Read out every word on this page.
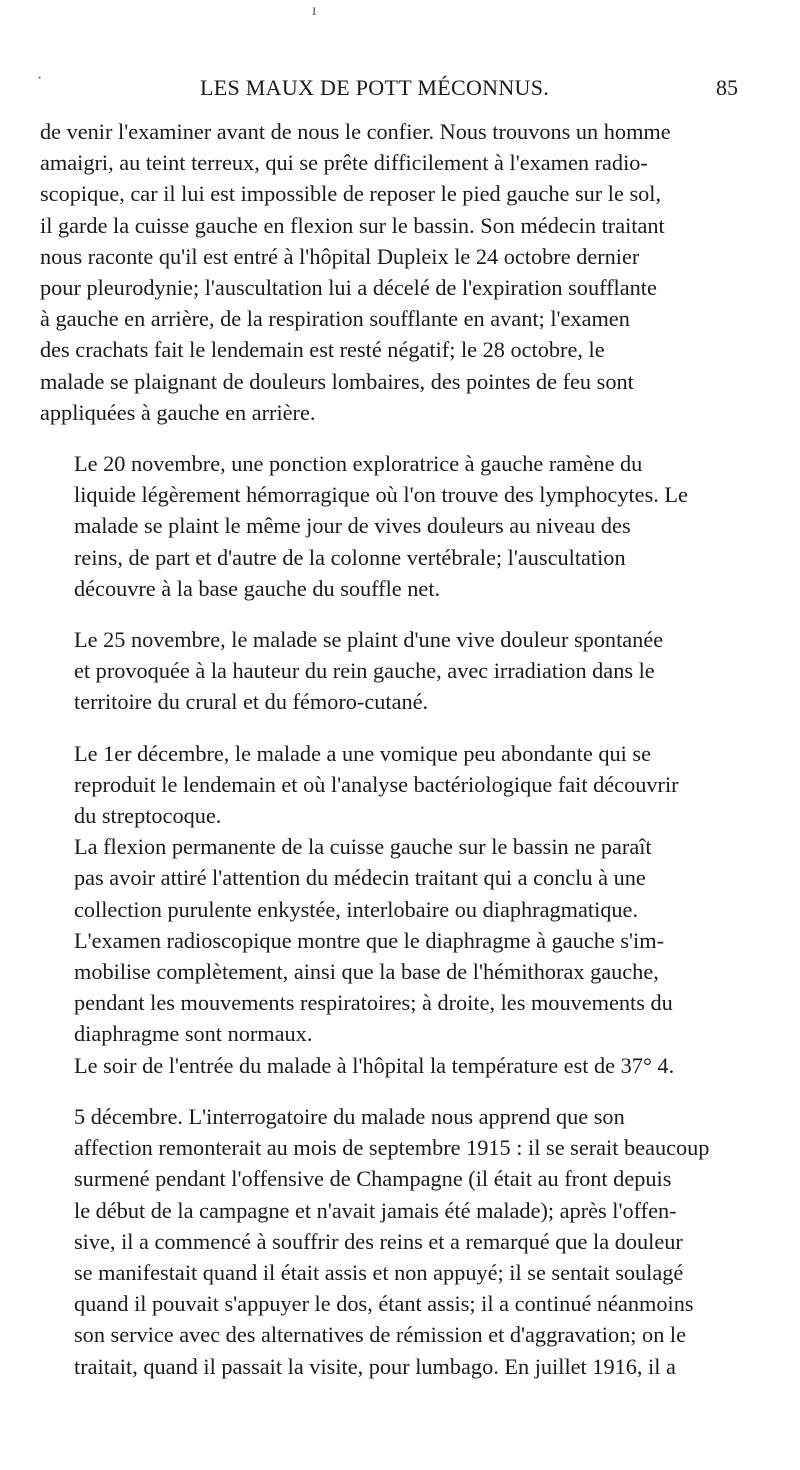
ı
·	LES MAUX DE POTT MÉCONNUS.	85

de venir l'examiner avant de nous le confier. Nous trouvons un homme
amaigri, au teint terreux, qui se prête difficilement à l'examen radio-
scopique, car il lui est impossible de reposer le pied gauche sur le sol,
il garde la cuisse gauche en flexion sur le bassin. Son médecin traitant
nous raconte qu'il est entré à l'hôpital Dupleix le 24 octobre dernier
pour pleurodynie; l'auscultation lui a décelé de l'expiration soufflante
à gauche en arrière, de la respiration soufflante en avant; l'examen
des crachats fait le lendemain est resté négatif; le 28 octobre, le
malade se plaignant de douleurs lombaires, des pointes de feu sont
appliquées à gauche en arrière.

Le 20 novembre, une ponction exploratrice à gauche ramène du
liquide légèrement hémorragique où l'on trouve des lymphocytes. Le
malade se plaint le même jour de vives douleurs au niveau des
reins, de part et d'autre de la colonne vertébrale; l'auscultation
découvre à la base gauche du souffle net.

Le 25 novembre, le malade se plaint d'une vive douleur spontanée
et provoquée à la hauteur du rein gauche, avec irradiation dans le
territoire du crural et du fémoro-cutané.

Le 1er décembre, le malade a une vomique peu abondante qui se
reproduit le lendemain et où l'analyse bactériologique fait découvrir
du streptocoque.

La flexion permanente de la cuisse gauche sur le bassin ne paraît
pas avoir attiré l'attention du médecin traitant qui a conclu à une
collection purulente enkystée, interlobaire ou diaphragmatique.

L'examen radioscopique montre que le diaphragme à gauche s'im-
mobilise complètement, ainsi que la base de l'hémithorax gauche,
pendant les mouvements respiratoires; à droite, les mouvements du
diaphragme sont normaux.

Le soir de l'entrée du malade à l'hôpital la température est de 37° 4.

5 décembre. L'interrogatoire du malade nous apprend que son
affection remonterait au mois de septembre 1915 : il se serait beaucoup
surmené pendant l'offensive de Champagne (il était au front depuis
le début de la campagne et n'avait jamais été malade); après l'offen-
sive, il a commencé à souffrir des reins et a remarqué que la douleur
se manifestait quand il était assis et non appuyé; il se sentait soulagé
quand il pouvait s'appuyer le dos, étant assis; il a continué néanmoins
son service avec des alternatives de rémission et d'aggravation; on le
traitait, quand il passait la visite, pour lumbago. En juillet 1916, il a
